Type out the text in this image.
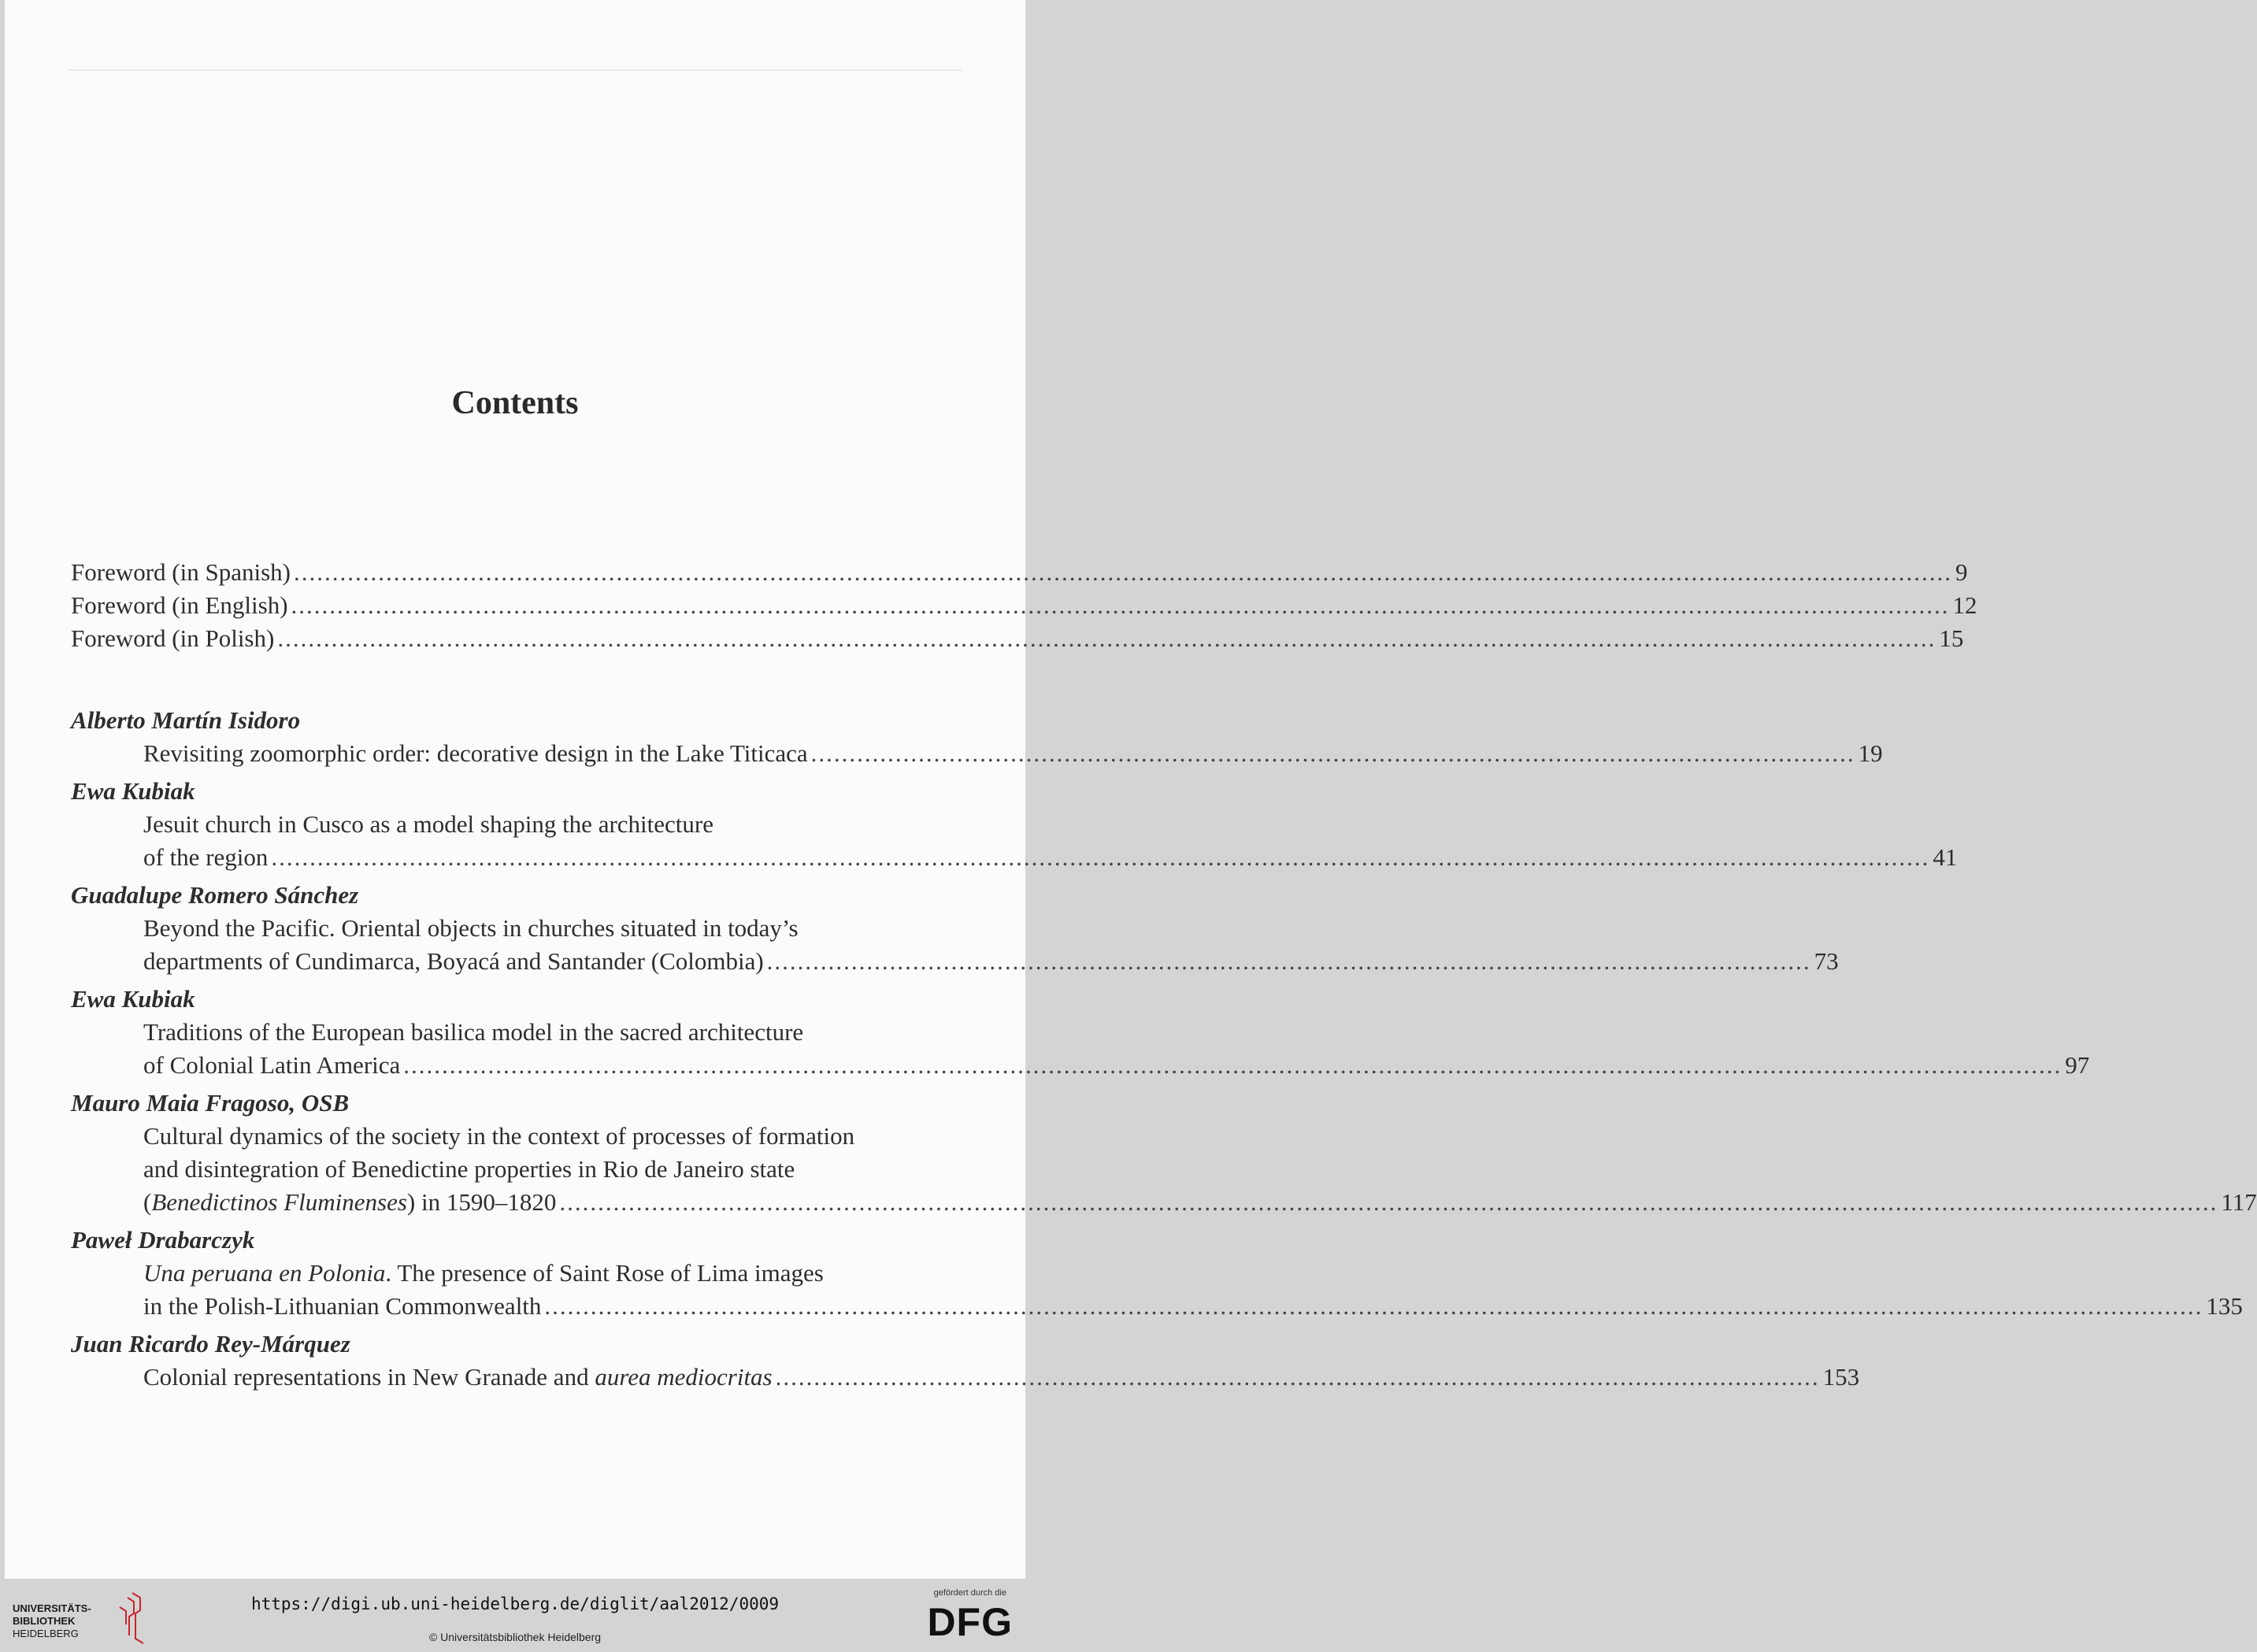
Contents
Foreword (in Spanish) ........................................................................................................................................................................................................................ 9
Foreword (in English) ........................................................................................................................................................................................................................ 12
Foreword (in Polish) ........................................................................................................................................................................................................................ 15
Alberto Martín Isidoro
Revisiting zoomorphic order: decorative design in the Lake Titicaca ........................................................................................................................................ 19
Ewa Kubiak
Jesuit church in Cusco as a model shaping the architecture
of the region ........................................................................................................................................................................................................................ 41
Guadalupe Romero Sánchez
Beyond the Pacific. Oriental objects in churches situated in today’s
departments of Cundimarca, Boyacá and Santander (Colombia) ........................................................................................................................................ 73
Ewa Kubiak
Traditions of the European basilica model in the sacred architecture
of Colonial Latin America ........................................................................................................................................................................................................................ 97
Mauro Maia Fragoso, OSB
Cultural dynamics of the society in the context of processes of formation
and disintegration of Benedictine properties in Rio de Janeiro state
(Benedictinos Fluminenses) in 1590–1820 ........................................................................................................................................................................................................................ 117
Paweł Drabarczyk
Una peruana en Polonia. The presence of Saint Rose of Lima images
in the Polish-Lithuanian Commonwealth ........................................................................................................................................................................................................................ 135
Juan Ricardo Rey-Márquez
Colonial representations in New Granade and aurea mediocritas ........................................................................................................................................ 153
UNIVERSITÄTS-
BIBLIOTHEK
HEIDELBERG
https://digi.ub.uni-heidelberg.de/diglit/aal2012/0009
© Universitätsbibliothek Heidelberg
gefördert durch die
DFG
